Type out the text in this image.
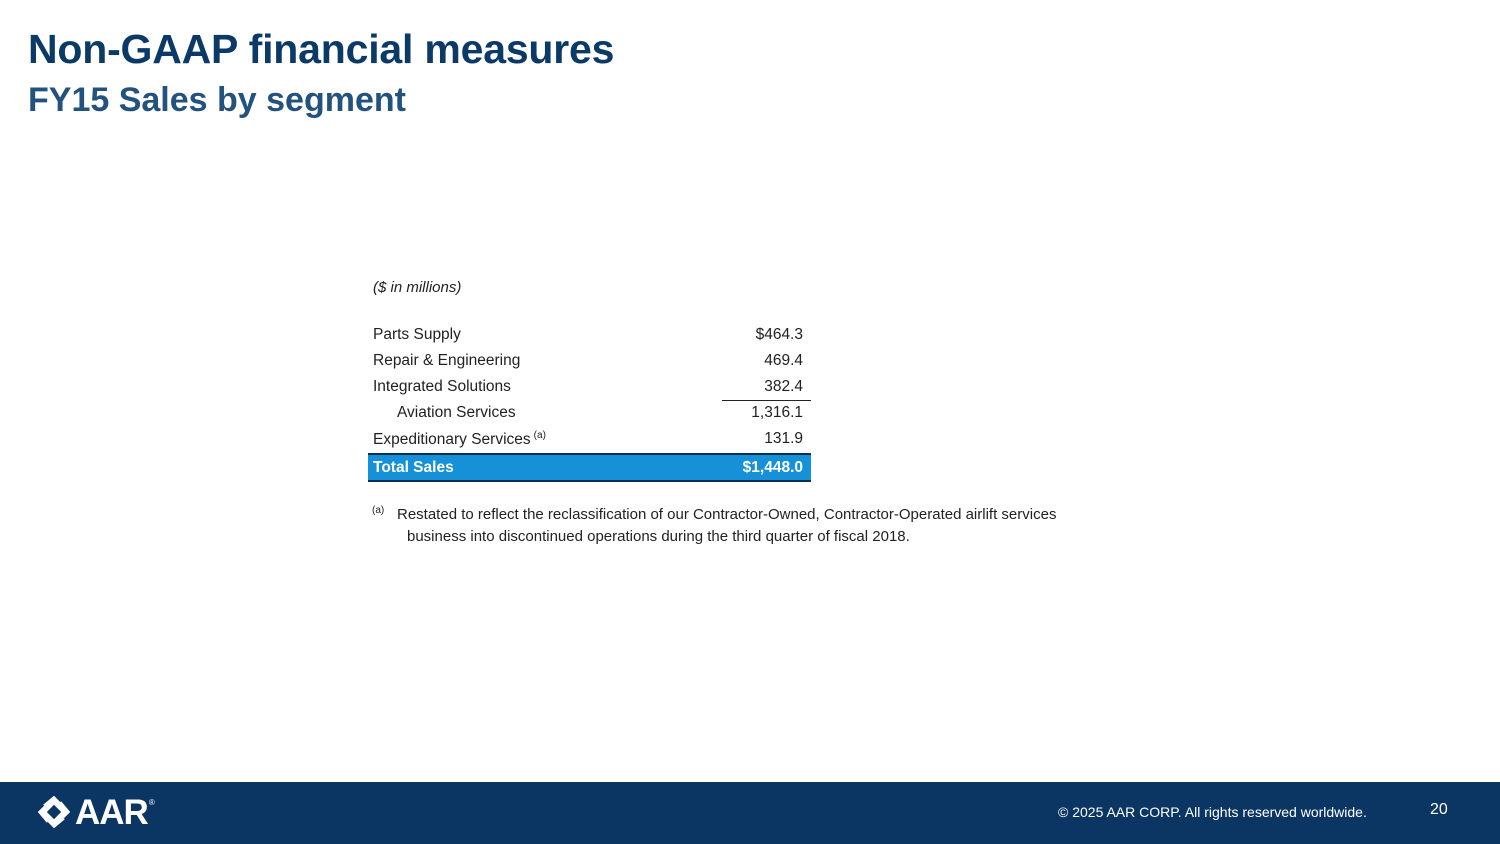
Non-GAAP financial measures
FY15 Sales by segment
($ in millions)
Parts Supply	$464.3
Repair & Engineering	469.4
Integrated Solutions	382.4
Aviation Services	1,316.1
Expeditionary Services $^{(a)}$	131.9
Total Sales	$1,448.0
(a) Restated to reflect the reclassification of our Contractor-Owned, Contractor-Operated airlift services
business into discontinued operations during the third quarter of fiscal 2018.
AAR ®
© 2025 AAR CORP. All rights reserved worldwide.	20
